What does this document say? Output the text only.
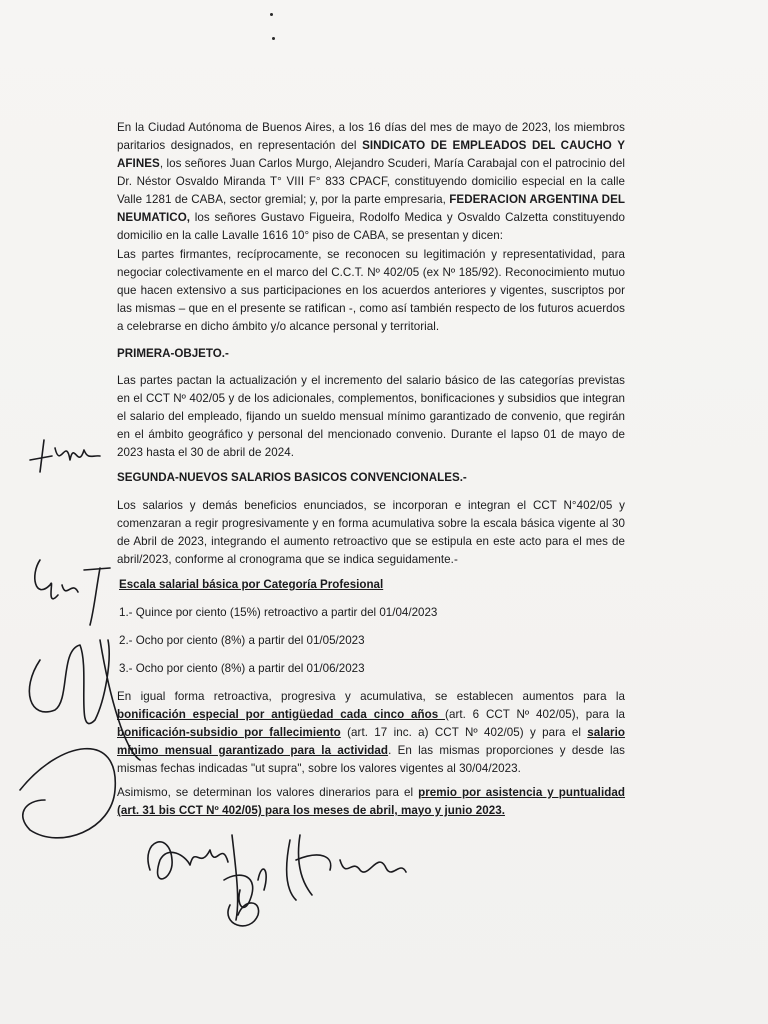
En la Ciudad Autónoma de Buenos Aires, a los 16 días del mes de mayo de 2023, los miembros paritarios designados, en representación del SINDICATO DE EMPLEADOS DEL CAUCHO Y AFINES, los señores Juan Carlos Murgo, Alejandro Scuderi, María Carabajal con el patrocinio del Dr. Néstor Osvaldo Miranda T° VIII F° 833 CPACF, constituyendo domicilio especial en la calle Valle 1281 de CABA, sector gremial; y, por la parte empresaria, FEDERACION ARGENTINA DEL NEUMATICO, los señores Gustavo Figueira, Rodolfo Medica y Osvaldo Calzetta constituyendo domicilio en la calle Lavalle 1616 10° piso de CABA, se presentan y dicen:

Las partes firmantes, recíprocamente, se reconocen su legitimación y representatividad, para negociar colectivamente en el marco del C.C.T. Nº 402/05 (ex Nº 185/92). Reconocimiento mutuo que hacen extensivo a sus participaciones en los acuerdos anteriores y vigentes, suscriptos por las mismas – que en el presente se ratifican -, como así también respecto de los futuros acuerdos a celebrarse en dicho ámbito y/o alcance personal y territorial.

PRIMERA-OBJETO.-

Las partes pactan la actualización y el incremento del salario básico de las categorías previstas en el CCT Nº 402/05 y de los adicionales, complementos, bonificaciones y subsidios que integran el salario del empleado, fijando un sueldo mensual mínimo garantizado de convenio, que regirán en el ámbito geográfico y personal del mencionado convenio. Durante el lapso 01 de mayo de 2023 hasta el 30 de abril de 2024.

SEGUNDA-NUEVOS SALARIOS BASICOS CONVENCIONALES.-

Los salarios y demás beneficios enunciados, se incorporan e integran el CCT N°402/05 y comenzaran a regir progresivamente y en forma acumulativa sobre la escala básica vigente al 30 de Abril de 2023, integrando el aumento retroactivo que se estipula en este acto para el mes de abril/2023, conforme al cronograma que se indica seguidamente.-

Escala salarial básica por Categoría Profesional
1.- Quince por ciento (15%) retroactivo a partir del 01/04/2023
2.- Ocho por ciento (8%) a partir del 01/05/2023
3.- Ocho por ciento (8%) a partir del 01/06/2023

En igual forma retroactiva, progresiva y acumulativa, se establecen aumentos para la bonificación especial por antigüedad cada cinco años (art. 6 CCT Nº 402/05), para la bonificación-subsidio por fallecimiento (art. 17 inc. a) CCT Nº 402/05) y para el salario mínimo mensual garantizado para la actividad. En las mismas proporciones y desde las mismas fechas indicadas "ut supra", sobre los valores vigentes al 30/04/2023.

Asimismo, se determinan los valores dinerarios para el premio por asistencia y puntualidad (art. 31 bis CCT Nº 402/05) para los meses de abril, mayo y junio 2023.
